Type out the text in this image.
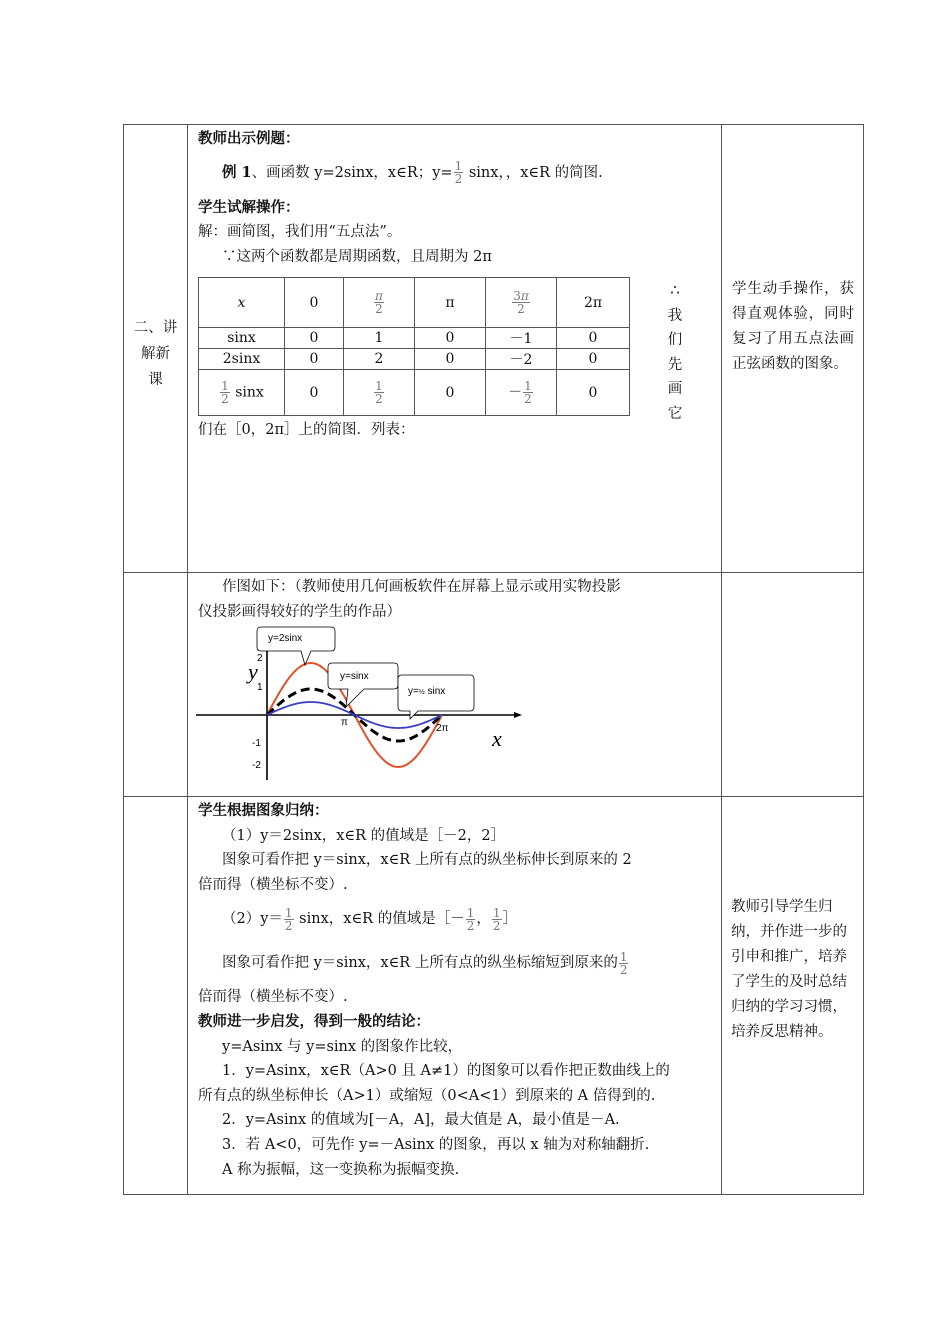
二、讲
解新
课

教师出示例题：
例 1、画函数 y=2sinx，x∈R；$y= \frac{1}{2}$ sinx，，x∈R 的简图.
学生试解操作：
解：画简图，我们用“五点法”。
∵这两个函数都是周期函数，且周期为 2π
x	0	$\frac{\pi}{2}$	π	$\frac{3\pi}{2}$	2π
sinx	0	1	0	－1	0
2sinx	0	2	0	－2	0

$\frac{1}{2}$ sinx	0	$\frac{1}{2}$	0	－ $\frac{1}{2}$	0
们在［0，2π］上的简图．列表：
∴
我
们
先
画
它
	学生动手操作，获得直观体验，同时复习了用五点法画正弦函数的图象。

作图如下：（教师使用几何画板软件在屏幕上显示或用实物投影
仪投影画得较好的学生的作品）
y=2sinx
y=sinx
y=½ sinx
2
1
-1
-2
π
2π
y
x

学生根据图象归纳：
（1）y＝2sinx，x∈R 的值域是［－2，2］
图象可看作把 y＝sinx，x∈R 上所有点的纵坐标伸长到原来的 2
倍而得（横坐标不变）.
$(2)y= \frac{1}{2}$ sinx，x∈R 的值域是［－ $\frac{1}{2}$ ， $\frac{1}{2}$ ］
图象可看作把 y＝sinx，x∈R 上所有点的纵坐标缩短到原来的 $\frac{1}{2}$
倍而得（横坐标不变）.
教师进一步启发，得到一般的结论：
y=Asinx 与 y=sinx 的图象作比较，
1．y=Asinx，x∈R（A>0 且 A≠1）的图象可以看作把正数曲线上的
所有点的纵坐标伸长（A>1）或缩短（0<A<1）到原来的 A 倍得到的.
2．y=Asinx 的值域为[－A，A]，最大值是 A，最小值是－A.
3．若 A<0，可先作 y=－Asinx 的图象，再以 x 轴为对称轴翻折.
A 称为振幅，这一变换称为振幅变换.
	教师引导学生归纳，并作进一步的引申和推广，培养了学生的及时总结归纳的学习习惯，培养反思精神。
